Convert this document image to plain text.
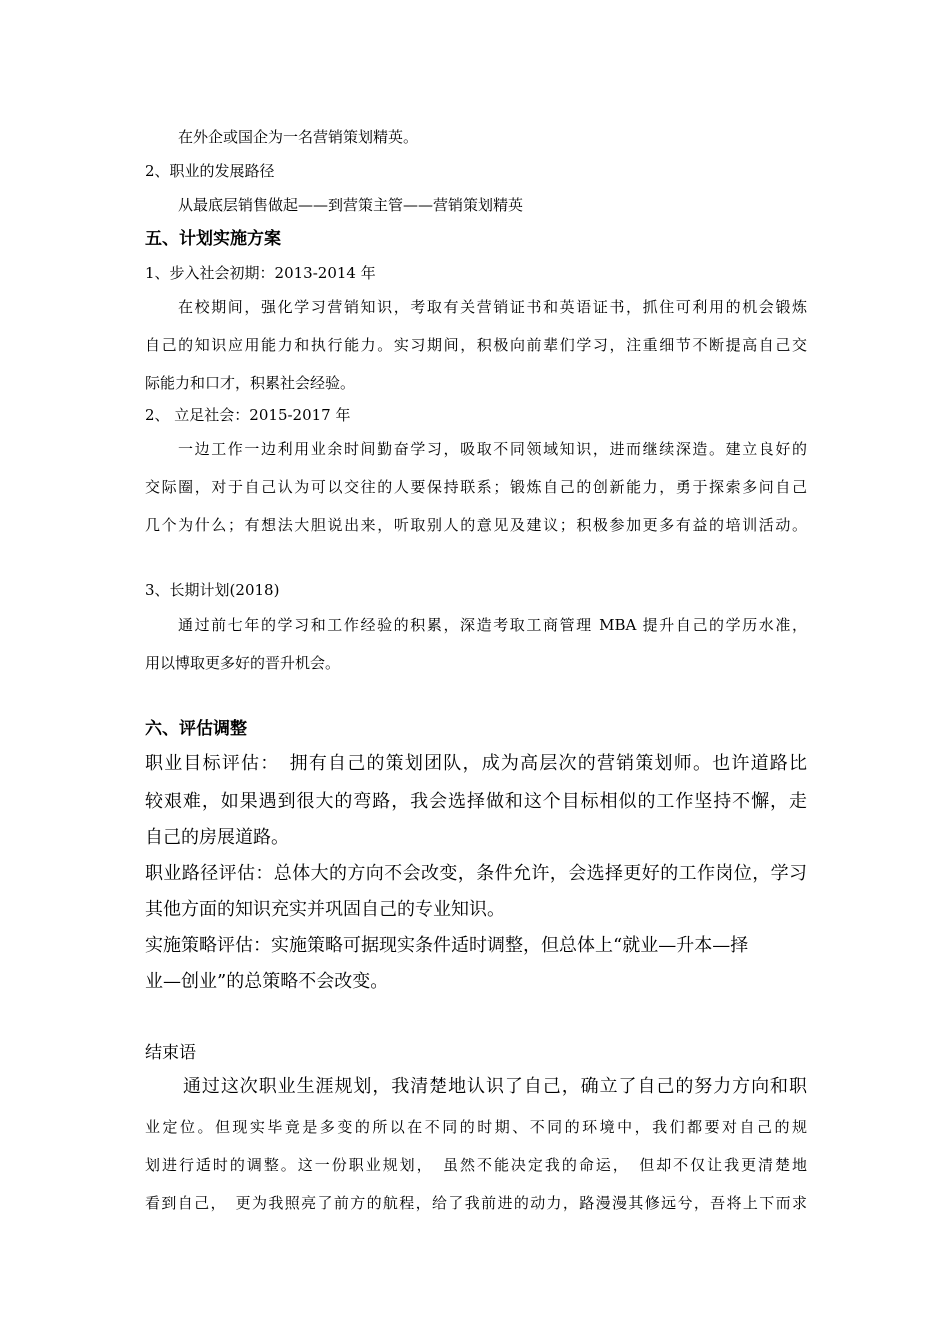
在外企或国企为一名营销策划精英。
2、职业的发展路径
从最底层销售做起——到营策主管——营销策划精英
五、计划实施方案
1、步入社会初期：2013-2014 年
在校期间，强化学习营销知识，考取有关营销证书和英语证书，抓住可利用的机会锻炼
自己的知识应用能力和执行能力。实习期间，积极向前辈们学习，注重细节不断提高自己交
际能力和口才，积累社会经验。
2、 立足社会：2015-2017 年
一边工作一边利用业余时间勤奋学习，吸取不同领域知识，进而继续深造。建立良好的
交际圈，对于自己认为可以交往的人要保持联系；锻炼自己的创新能力，勇于探索多问自己
几个为什么；有想法大胆说出来，听取别人的意见及建议；积极参加更多有益的培训活动。
3、长期计划(2018)
通过前七年的学习和工作经验的积累，深造考取工商管理 MBA 提升自己的学历水准，
用以博取更多好的晋升机会。
六、评估调整
职业目标评估：　拥有自己的策划团队，成为高层次的营销策划师。也许道路比
较艰难，如果遇到很大的弯路，我会选择做和这个目标相似的工作坚持不懈，走
自己的房展道路。
职业路径评估：总体大的方向不会改变，条件允许，会选择更好的工作岗位，学习
其他方面的知识充实并巩固自己的专业知识。
实施策略评估：实施策略可据现实条件适时调整，但总体上“就业—升本—择
业—创业”的总策略不会改变。
结束语
通过这次职业生涯规划，我清楚地认识了自己，确立了自己的努力方向和职
业定位。但现实毕竟是多变的所以在不同的时期、不同的环境中，我们都要对自己的规
划进行适时的调整。这一份职业规划，　虽然不能决定我的命运，　但却不仅让我更清楚地
看到自己，　更为我照亮了前方的航程，给了我前进的动力，路漫漫其修远兮，吾将上下而求
